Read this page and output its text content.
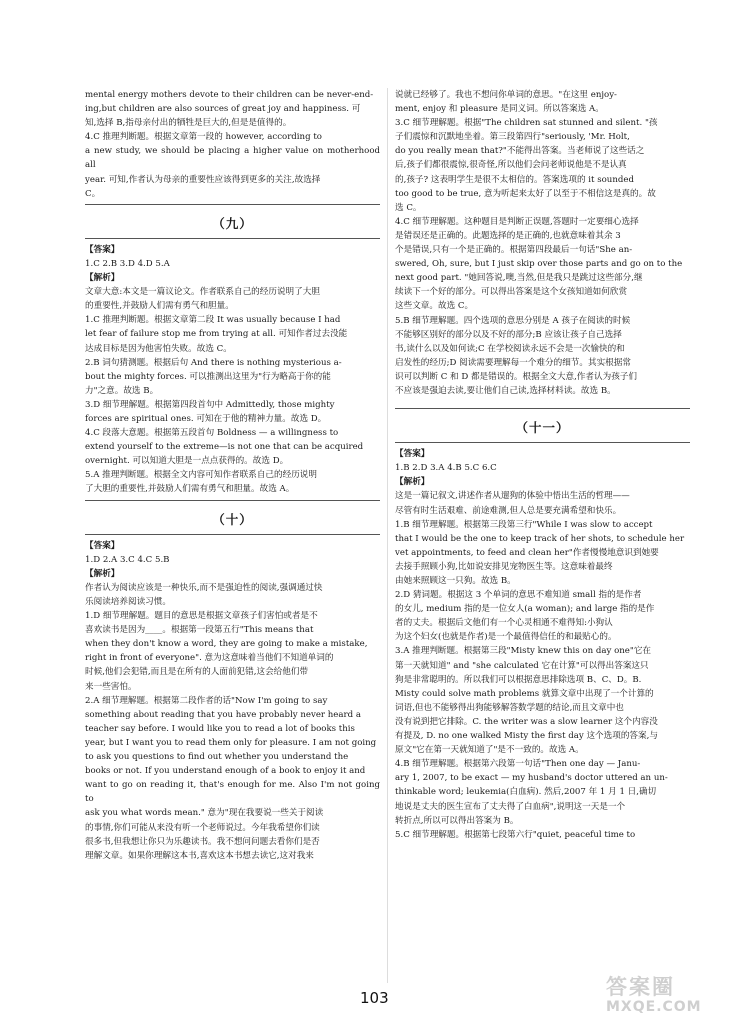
mental energy mothers devote to their children can be never-end-

ing,but children are also sources of great joy and happiness. 可

知,选择 B,指母亲付出的牺牲是巨大的,但是是值得的。

4.C 推理判断题。根据文章第一段的 however, according to

a new study, we should be placing a higher value on motherhood all

year. 可知,作者认为母亲的重要性应该得到更多的关注,故选择

C。

（九）

【答案】

1.C 2.B 3.D 4.D 5.A

【解析】

文章大意:本文是一篇议论文。作者联系自己的经历说明了大胆

的重要性,并鼓励人们需有勇气和胆量。

1.C 推理判断题。根据文章第二段 It was usually because I had

let fear of failure stop me from trying at all. 可知作者过去没能

达成目标是因为他害怕失败。故选 C。

2.B 词句猜测题。根据后句 And there is nothing mysterious a-

bout the mighty forces. 可以推测出这里为"行为略高于你的能

力"之意。故选 B。

3.D 细节理解题。根据第四段首句中 Admittedly, those mighty

forces are spiritual ones. 可知在于他的精神力量。故选 D。

4.C 段落大意题。根据第五段首句 Boldness — a willingness to

extend yourself to the extreme—is not one that can be acquired

overnight. 可以知道大胆是一点点获得的。故选 D。

5.A 推理判断题。根据全文内容可知作者联系自己的经历说明

了大胆的重要性,并鼓励人们需有勇气和胆量。故选 A。

（十）

【答案】

1.D 2.A 3.C 4.C 5.B

【解析】

作者认为阅读应该是一种快乐,而不是强迫性的阅读,强调通过快

乐阅读培养阅读习惯。

1.D 细节理解题。题目的意思是根据文章孩子们害怕或者是不

喜欢读书是因为____。根据第一段第五行"This means that

when they don't know a word, they are going to make a mistake,

right in front of everyone". 意为这意味着当他们不知道单词的

时候,他们会犯错,而且是在所有的人面前犯错,这会给他们带

来一些害怕。

2.A 细节理解题。根据第二段作者的话"Now I'm going to say

something about reading that you have probably never heard a

teacher say before. I would like you to read a lot of books this

year, but I want you to read them only for pleasure. I am not going

to ask you questions to find out whether you understand the

books or not. If you understand enough of a book to enjoy it and

want to go on reading it, that's enough for me. Also I'm not going to

ask you what words mean." 意为"现在我要说一些关于阅读

的事情,你们可能从来没有听一个老师说过。今年我希望你们读

很多书,但我想让你只为乐趣读书。我不想问问题去看你们是否

理解文章。如果你理解这本书,喜欢这本书想去读它,这对我来

说就已经够了。我也不想问你单词的意思。"在这里 enjoy-

ment, enjoy 和 pleasure 是同义词。所以答案选 A。

3.C 细节理解题。根据"The children sat stunned and silent. "孩

子们震惊和沉默地坐着。第三段第四行"seriously, 'Mr. Holt,

do you really mean that?"不能得出答案。当老师说了这些话之

后,孩子们都很震惊,很奇怪,所以他们会问老师说他是不是认真

的,孩子? 这表明学生是很不太相信的。答案选项的 it sounded

too good to be true, 意为听起来太好了以至于不相信这是真的。故

选 C。

4.C 细节理解题。这种题目是判断正误题,答题时一定要细心选择

是错误还是正确的。此题选择的是正确的,也就意味着其余 3

个是错误,只有一个是正确的。根据第四段最后一句话"She an-

swered, Oh, sure, but I just skip over those parts and go on to the

next good part. "她回答说,噢,当然,但是我只是跳过这些部分,继

续读下一个好的部分。可以得出答案是这个女孩知道如何欣赏

这些文章。故选 C。

5.B 细节理解题。四个选项的意思分别是 A 孩子在阅读的时候

不能够区别好的部分以及不好的部分;B 应该让孩子自己选择

书,读什么以及如何读;C 在学校阅读永远不会是一次愉快的和

启发性的经历;D 阅读需要理解每一个难分的细节。其实根据常

识可以判断 C 和 D 都是错误的。根据全文大意,作者认为孩子们

不应该是强迫去读,要让他们自己读,选择材料读。故选 B。

（十一）

【答案】

1.B 2.D 3.A 4.B 5.C 6.C

【解析】

这是一篇记叙文,讲述作者从遛狗的体验中悟出生活的哲理——

尽管有时生活艰难、前途难测,但人总是要充满希望和快乐。

1.B 细节理解题。根据第三段第三行"While I was slow to accept

that I would be the one to keep track of her shots, to schedule her

vet appointments, to feed and clean her"作者慢慢地意识到她要

去接手照顾小狗,比如说安排见宠物医生等。这意味着最终

由她来照顾这一只狗。故选 B。

2.D 猜词题。根据这 3 个单词的意思不难知道 small 指的是作者

的女儿, medium 指的是一位女人(a woman); and large 指的是作

者的丈夫。根据后文他们有一个心灵相通不难得知:小狗认

为这个妇女(也就是作者)是一个最值得信任的和最贴心的。

3.A 推理判断题。根据第三段"Misty knew this on day one"它在

第一天就知道" and "she calculated 它在计算"可以得出答案这只

狗是非常聪明的。所以我们可以根据意思排除选项 B、C、D。B.

Misty could solve math problems 就算文章中出现了一个计算的

词语,但也不能够得出狗能够解答数学题的结论,而且文章中也

没有说到把它排除。C. the writer was a slow learner 这个内容没

有提及, D. no one walked Misty the first day 这个选项的答案,与

原文"它在第一天就知道了"是不一致的。故选 A。

4.B 细节理解题。根据第六段第一句话"Then one day — Janu-

ary 1, 2007, to be exact — my husband's doctor uttered an un-

thinkable word; leukemia(白血病). 然后,2007 年 1 月 1 日,确切

地说是丈夫的医生宣布了丈夫得了白血病",说明这一天是一个

转折点,所以可以得出答案为 B。

5.C 细节理解题。根据第七段第六行"quiet, peaceful time to

103	答案圈
MXQE.COM
